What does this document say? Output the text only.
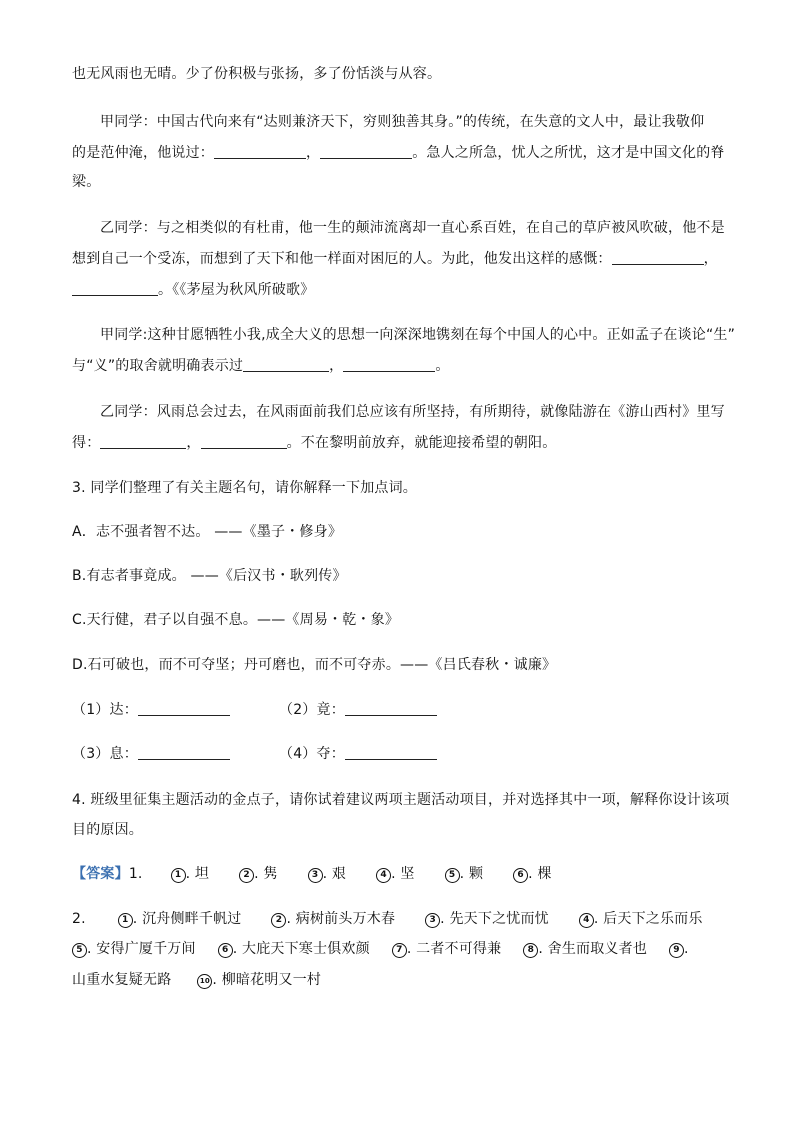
也无风雨也无晴。少了份积极与张扬，多了份恬淡与从容。
甲同学：中国古代向来有“达则兼济天下，穷则独善其身。”的传统，在失意的文人中，最让我敬仰
的是范仲淹，他说过：	，	。急人之所急，忧人之所忧，这才是中国文化的脊
梁。
乙同学：与之相类似的有杜甫，他一生的颠沛流离却一直心系百姓，在自己的草庐被风吹破，他不是
想到自己一个受冻，而想到了天下和他一样面对困厄的人。为此，他发出这样的感慨：	，
。《《茅屋为秋风所破歌》
甲同学:这种甘愿牺牲小我,成全大义的思想一向深深地镌刻在每个中国人的心中。正如孟子在谈论“生”
与“义”的取舍就明确表示过	，	。
乙同学：风雨总会过去，在风雨面前我们总应该有所坚持，有所期待，就像陆游在《游山西村》里写
得：	，	。不在黎明前放弃，就能迎接希望的朝阳。
3. 同学们整理了有关主题名句，请你解释一下加点词。
A．志不强者智不达。 ——《墨子・修身》
B.有志者事竟成。 ——《后汉书・耿列传》
C.天行健，君子以自强不息。——《周易・乾・象》
D.石可破也，而不可夺坚；丹可磨也，而不可夺赤。——《吕氏春秋・诚廉》
（1）达：	（2）竟：
（3）息：	（4）夺：
4. 班级里征集主题活动的金点子，请你试着建议两项主题活动项目，并对选择其中一项，解释你设计该项
目的原因。
【答案】1.	1 . 坦	2 . 隽	3 . 艰	4 . 坚	5 . 颗	6 . 棵
2.	1 . 沉舟侧畔千帆过	2 . 病树前头万木春	3 . 先天下之忧而忧	4 . 后天下之乐而乐
5 . 安得广厦千万间	6 . 大庇天下寒士俱欢颜	7 . 二者不可得兼	8 . 舍生而取义者也	9 .
山重水复疑无路	10 . 柳暗花明又一村
